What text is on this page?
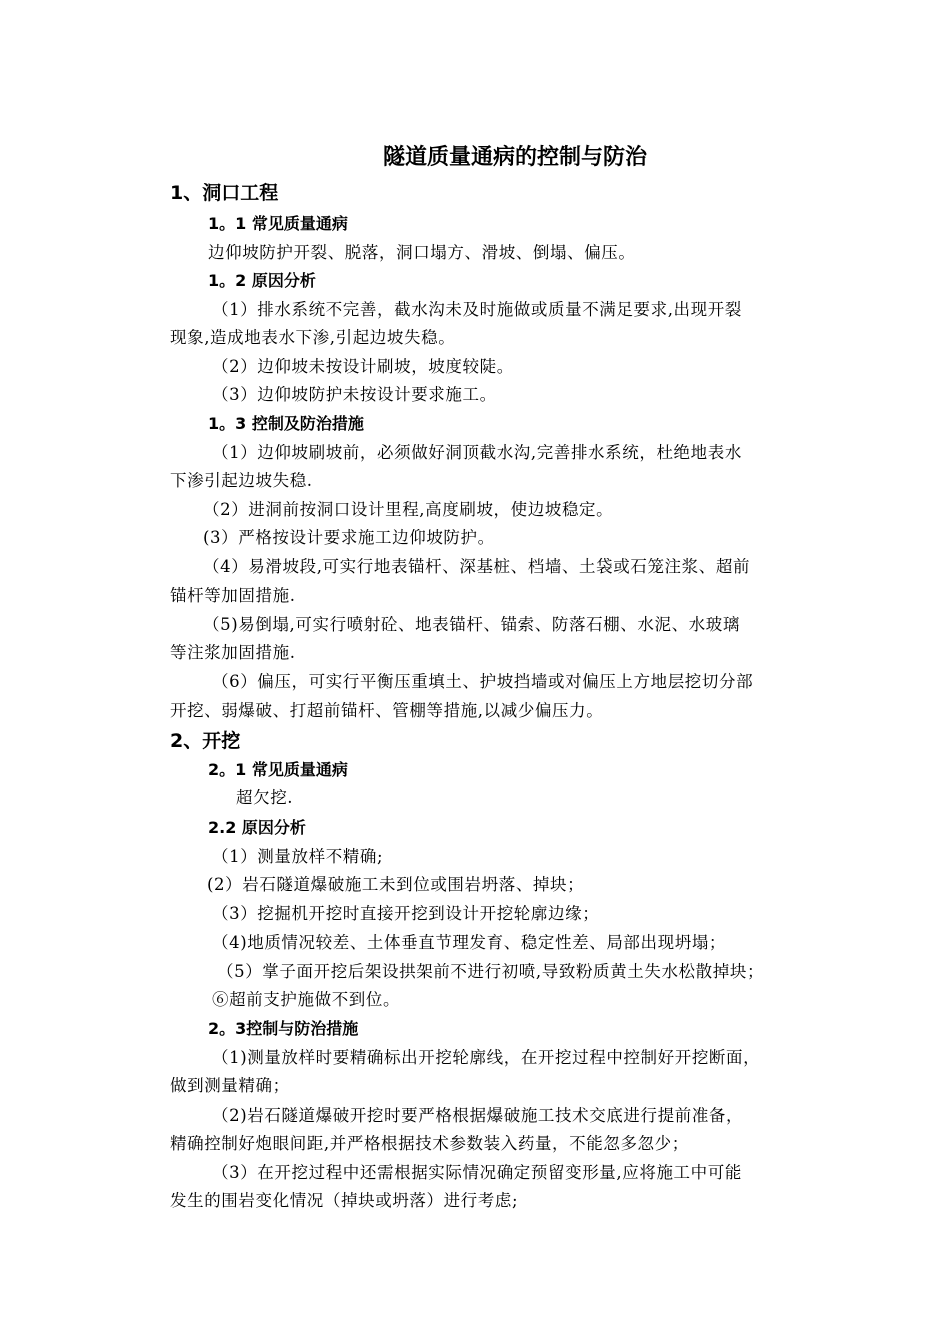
隧道质量通病的控制与防治
1、洞口工程
1。1 常见质量通病
边仰坡防护开裂、脱落，洞口塌方、滑坡、倒塌、偏压。
1。2 原因分析
（1）排水系统不完善，截水沟未及时施做或质量不满足要求,出现开裂
现象,造成地表水下渗,引起边坡失稳。
（2）边仰坡未按设计刷坡，坡度较陡。
（3）边仰坡防护未按设计要求施工。
1。3 控制及防治措施
（1）边仰坡刷坡前，必须做好洞顶截水沟,完善排水系统，杜绝地表水
下渗引起边坡失稳.
（2）进洞前按洞口设计里程,高度刷坡，使边坡稳定。
(3）严格按设计要求施工边仰坡防护。
（4）易滑坡段,可实行地表锚杆、深基桩、档墙、土袋或石笼注浆、超前
锚杆等加固措施.
（5)易倒塌,可实行喷射砼、地表锚杆、锚索、防落石棚、水泥、水玻璃
等注浆加固措施.
（6）偏压，可实行平衡压重填土、护坡挡墙或对偏压上方地层挖切分部
开挖、弱爆破、打超前锚杆、管棚等措施,以减少偏压力。
2、开挖
2。1 常见质量通病
超欠挖.
2.2 原因分析
（1）测量放样不精确;
(2）岩石隧道爆破施工未到位或围岩坍落、掉块；
（3）挖掘机开挖时直接开挖到设计开挖轮廓边缘；
（4)地质情况较差、土体垂直节理发育、稳定性差、局部出现坍塌；
（5）掌子面开挖后架设拱架前不进行初喷,导致粉质黄土失水松散掉块；
⑥超前支护施做不到位。
2。3控制与防治措施
（1)测量放样时要精确标出开挖轮廓线，在开挖过程中控制好开挖断面，
做到测量精确；
（2)岩石隧道爆破开挖时要严格根据爆破施工技术交底进行提前准备，
精确控制好炮眼间距,并严格根据技术参数装入药量，不能忽多忽少；
（3）在开挖过程中还需根据实际情况确定预留变形量,应将施工中可能
发生的围岩变化情况（掉块或坍落）进行考虑;
